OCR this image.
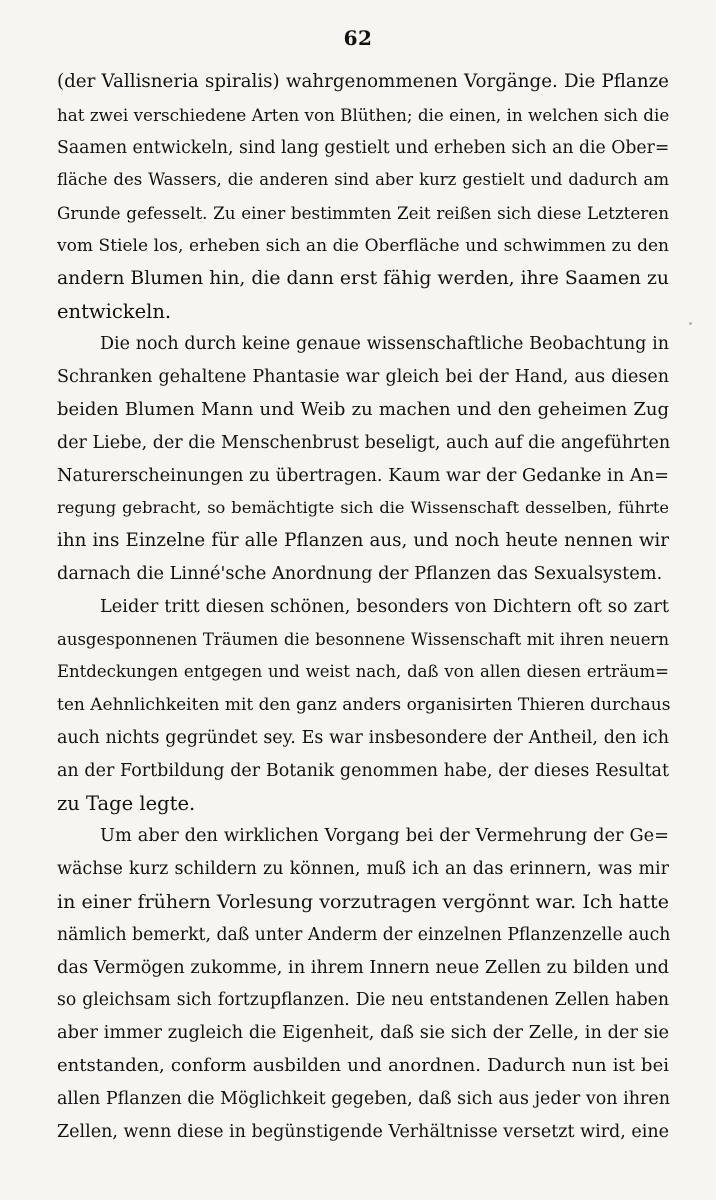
62
(der Vallisneria spiralis) wahrgenommenen Vorgänge. Die Pflanze
hat zwei verschiedene Arten von Blüthen; die einen, in welchen sich die
Saamen entwickeln, sind lang gestielt und erheben sich an die Ober=
fläche des Wassers, die anderen sind aber kurz gestielt und dadurch am
Grunde gefesselt. Zu einer bestimmten Zeit reißen sich diese Letzteren
vom Stiele los, erheben sich an die Oberfläche und schwimmen zu den
andern Blumen hin, die dann erst fähig werden, ihre Saamen zu
entwickeln.
Die noch durch keine genaue wissenschaftliche Beobachtung in
Schranken gehaltene Phantasie war gleich bei der Hand, aus diesen
beiden Blumen Mann und Weib zu machen und den geheimen Zug
der Liebe, der die Menschenbrust beseligt, auch auf die angeführten
Naturerscheinungen zu übertragen. Kaum war der Gedanke in An=
regung gebracht, so bemächtigte sich die Wissenschaft desselben, führte
ihn ins Einzelne für alle Pflanzen aus, und noch heute nennen wir
darnach die Linné'sche Anordnung der Pflanzen das Sexualsystem.
Leider tritt diesen schönen, besonders von Dichtern oft so zart
ausgesponnenen Träumen die besonnene Wissenschaft mit ihren neuern
Entdeckungen entgegen und weist nach, daß von allen diesen erträum=
ten Aehnlichkeiten mit den ganz anders organisirten Thieren durchaus
auch nichts gegründet sey. Es war insbesondere der Antheil, den ich
an der Fortbildung der Botanik genommen habe, der dieses Resultat
zu Tage legte.
Um aber den wirklichen Vorgang bei der Vermehrung der Ge=
wächse kurz schildern zu können, muß ich an das erinnern, was mir
in einer frühern Vorlesung vorzutragen vergönnt war. Ich hatte
nämlich bemerkt, daß unter Anderm der einzelnen Pflanzenzelle auch
das Vermögen zukomme, in ihrem Innern neue Zellen zu bilden und
so gleichsam sich fortzupflanzen. Die neu entstandenen Zellen haben
aber immer zugleich die Eigenheit, daß sie sich der Zelle, in der sie
entstanden, conform ausbilden und anordnen. Dadurch nun ist bei
allen Pflanzen die Möglichkeit gegeben, daß sich aus jeder von ihren
Zellen, wenn diese in begünstigende Verhältnisse versetzt wird, eine
